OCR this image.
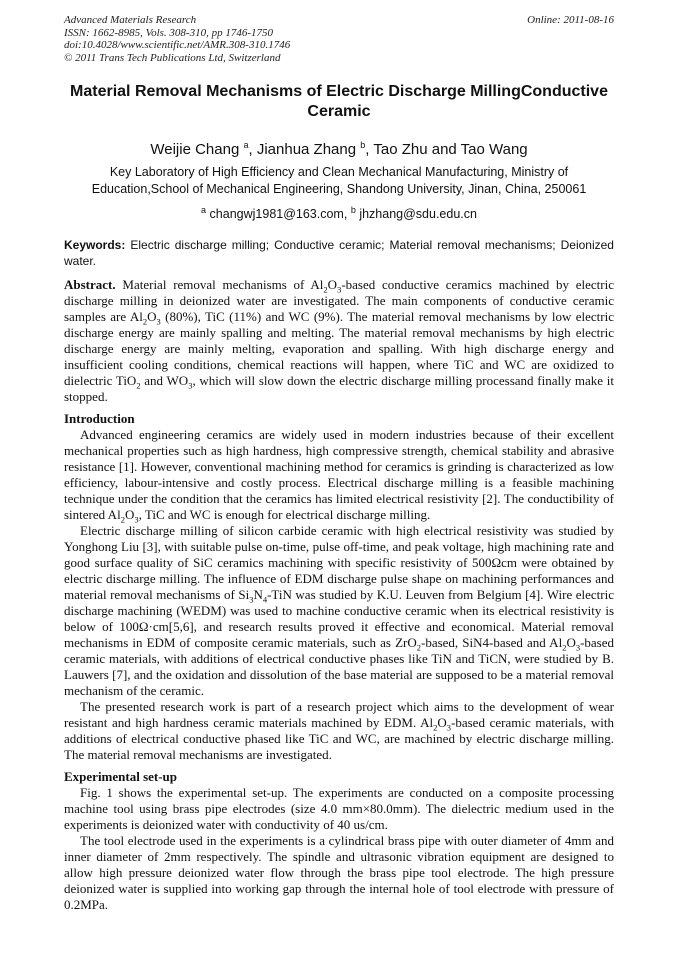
Advanced Materials Research
ISSN: 1662-8985, Vols. 308-310, pp 1746-1750
doi:10.4028/www.scientific.net/AMR.308-310.1746
© 2011 Trans Tech Publications Ltd, Switzerland
Online: 2011-08-16
Material Removal Mechanisms of Electric Discharge MillingConductive Ceramic
Weijie Chang $^a$, Jianhua Zhang $^b$, Tao Zhu and Tao Wang
Key Laboratory of High Efficiency and Clean Mechanical Manufacturing, Ministry of Education,School of Mechanical Engineering, Shandong University, Jinan, China, 250061
$^a$ changwj1981@163.com, $^b$ jhzhang@sdu.edu.cn
Keywords: Electric discharge milling; Conductive ceramic; Material removal mechanisms; Deionized water.

Abstract. Material removal mechanisms of $Al_2O_3$-based conductive ceramics machined by electric discharge milling in deionized water are investigated. The main components of conductive ceramic samples are $Al_2O_3$ (80%), TiC (11%) and WC (9%). The material removal mechanisms by low electric discharge energy are mainly spalling and melting. The material removal mechanisms by high electric discharge energy are mainly melting, evaporation and spalling. With high discharge energy and insufficient cooling conditions, chemical reactions will happen, where TiC and WC are oxidized to dielectric TiO$_2$ and $WO_3$, which will slow down the electric discharge milling processand finally make it stopped.

Introduction

Advanced engineering ceramics are widely used in modern industries because of their excellent mechanical properties such as high hardness, high compressive strength, chemical stability and abrasive resistance [1]. However, conventional machining method for ceramics is grinding is characterized as low efficiency, labour-intensive and costly process. Electrical discharge milling is a feasible machining technique under the condition that the ceramics has limited electrical resistivity [2]. The conductibility of sintered $Al_2O_3$, TiC and WC is enough for electrical discharge milling.

Electric discharge milling of silicon carbide ceramic with high electrical resistivity was studied by Yonghong Liu [3], with suitable pulse on-time, pulse off-time, and peak voltage, high machining rate and good surface quality of SiC ceramics machining with specific resistivity of 500Ωcm were obtained by electric discharge milling. The influence of EDM discharge pulse shape on machining performances and material removal mechanisms of $Si_3N_4$-TiN was studied by K.U. Leuven from Belgium [4]. Wire electric discharge machining (WEDM) was used to machine conductive ceramic when its electrical resistivity is below of 100Ω·cm[5,6], and research results proved it effective and economical. Material removal mechanisms in EDM of composite ceramic materials, such as ZrO$_2$-based, SiN4-based and $Al_2O_3$-based ceramic materials, with additions of electrical conductive phases like TiN and TiCN, were studied by B. Lauwers [7], and the oxidation and dissolution of the base material are supposed to be a material removal mechanism of the ceramic.

The presented research work is part of a research project which aims to the development of wear resistant and high hardness ceramic materials machined by EDM. $Al_2O_3$-based ceramic materials, with additions of electrical conductive phased like TiC and WC, are machined by electric discharge milling. The material removal mechanisms are investigated.

Experimental set-up

Fig. 1 shows the experimental set-up. The experiments are conducted on a composite processing machine tool using brass pipe electrodes (size 4.0 mm×80.0mm). The dielectric medium used in the experiments is deionized water with conductivity of 40 us/cm.

The tool electrode used in the experiments is a cylindrical brass pipe with outer diameter of 4mm and inner diameter of 2mm respectively. The spindle and ultrasonic vibration equipment are designed to allow high pressure deionized water flow through the brass pipe tool electrode. The high pressure deionized water is supplied into working gap through the internal hole of tool electrode with pressure of 0.2MPa.
